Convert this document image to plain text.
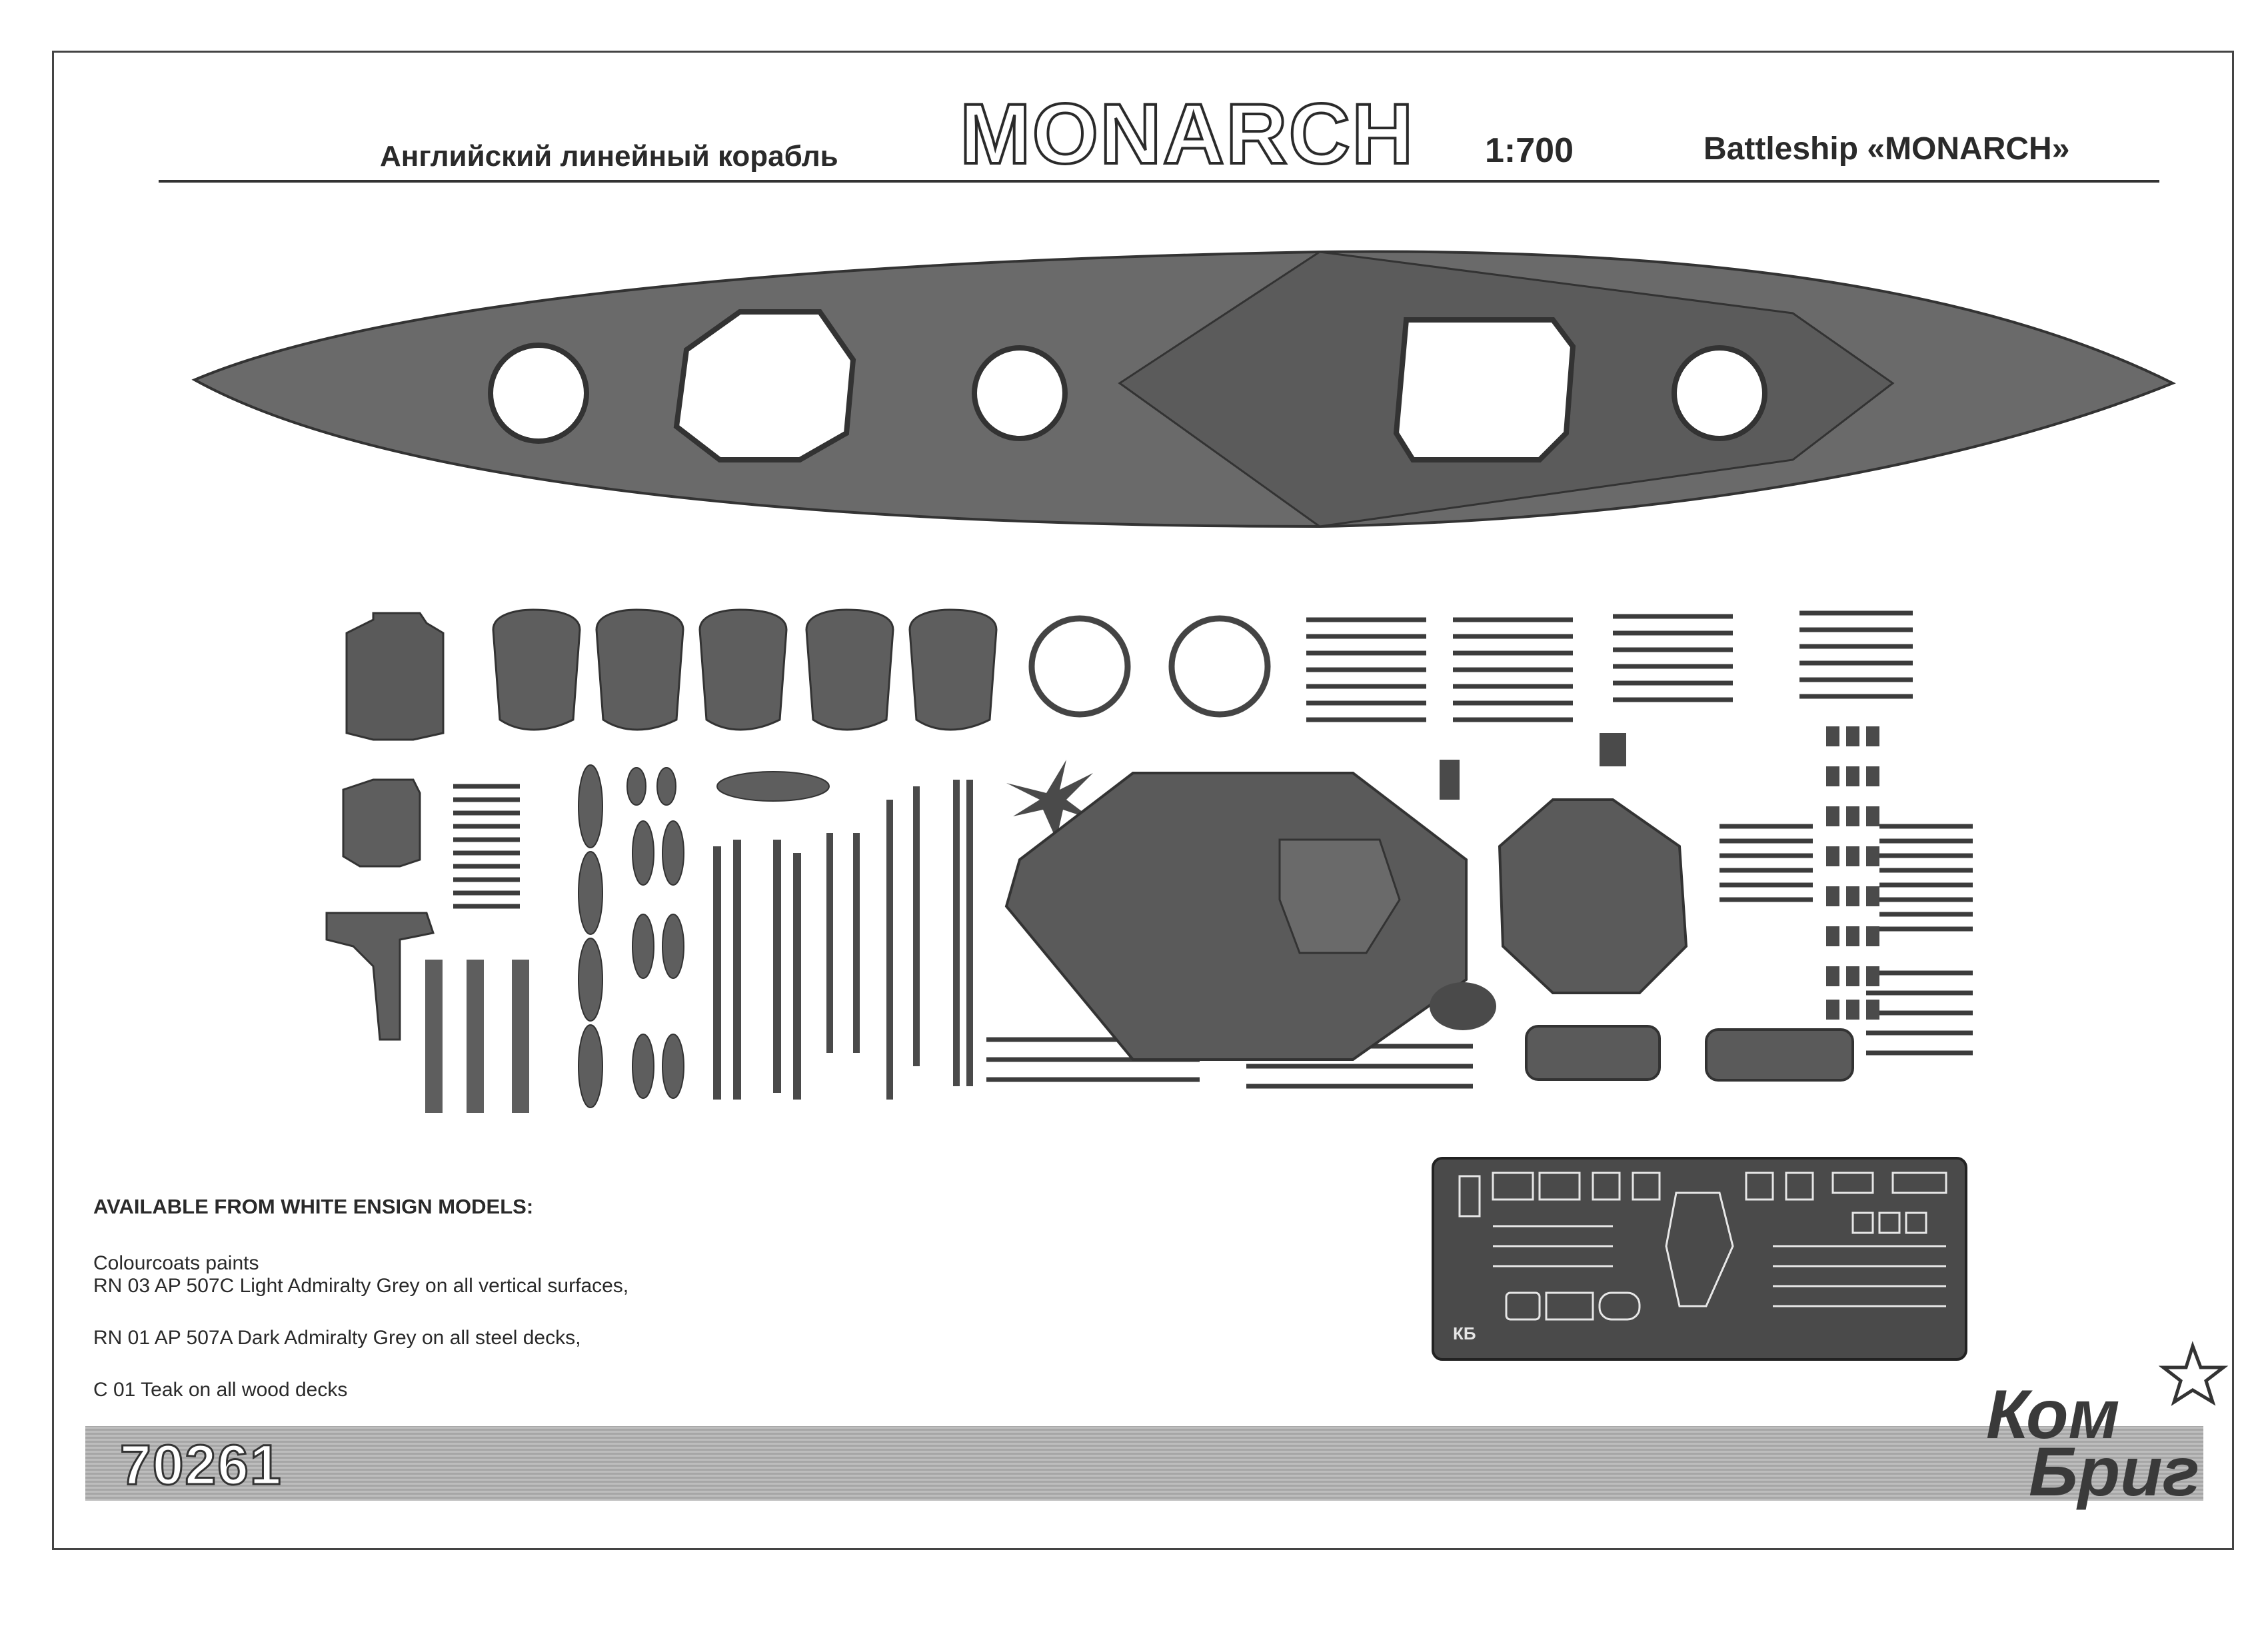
Английский линейный корабль MONARCH 1:700	Battleship «MONARCH»
КБ

AVAILABLE FROM WHITE ENSIGN MODELS:

Colourcoats paints

RN 03 AP 507C Light Admiralty Grey on all vertical surfaces,

RN 01 AP 507A Dark Admiralty Grey on all steel decks,

C 01 Teak on all wood decks

70261
Ком
Бриг
